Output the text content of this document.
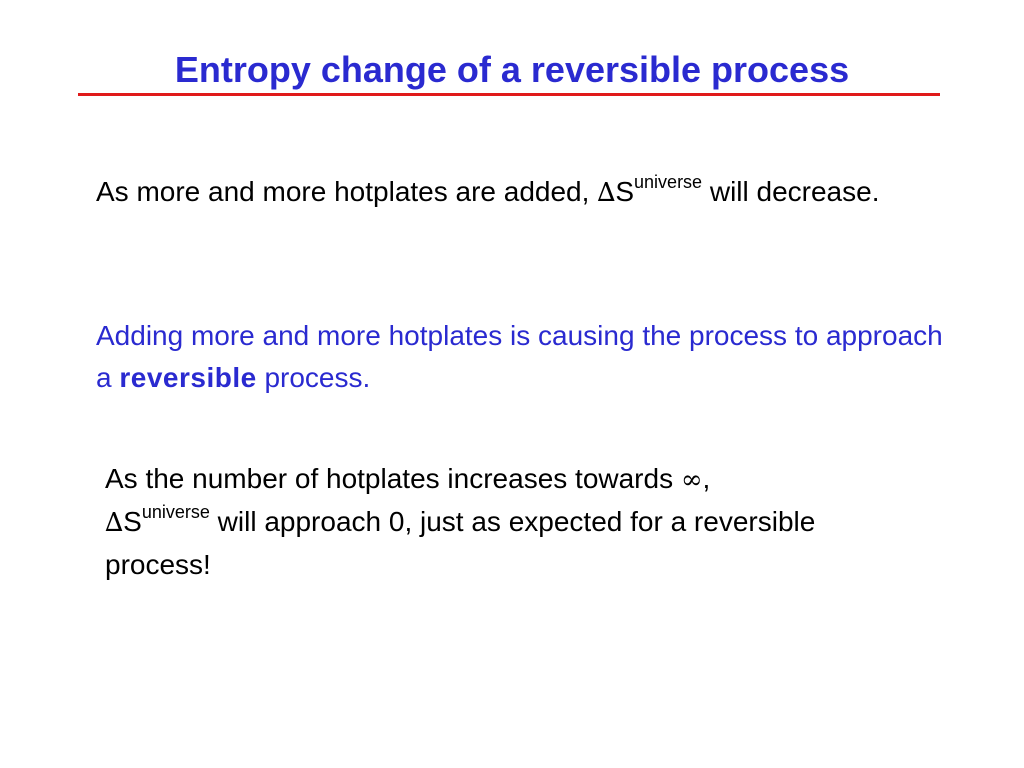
Entropy change of a reversible process

As more and more hotplates are added, $\Delta S^{universe}$ will decrease.

Adding more and more hotplates is causing the process to approach a reversible process.

As the number of hotplates increases towards ∞,
$\Delta S^{universe}$ will approach 0, just as expected for a reversible process!
